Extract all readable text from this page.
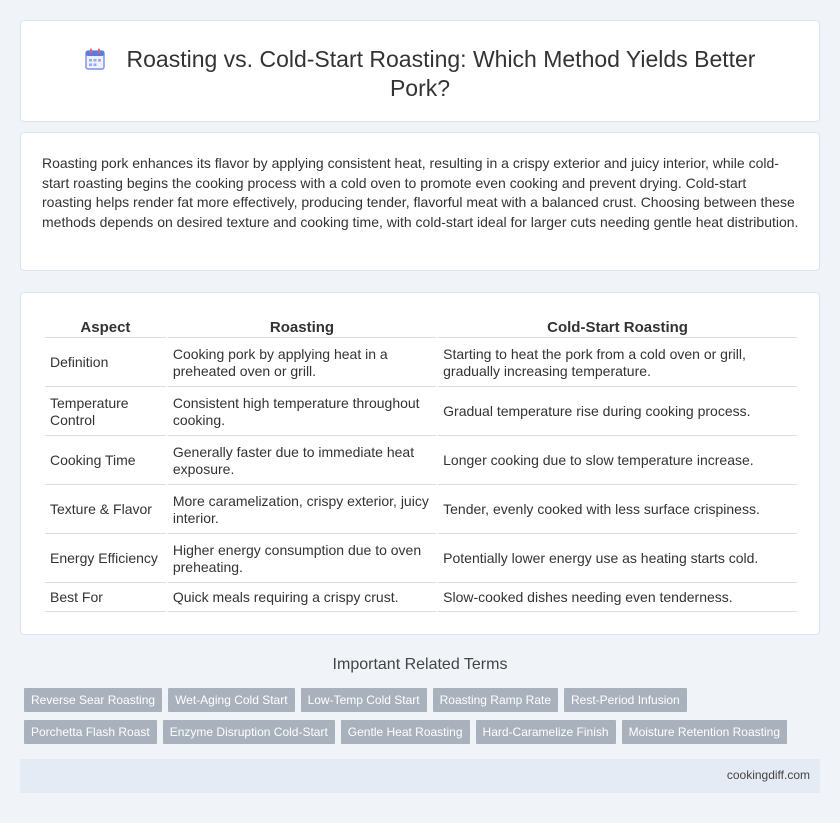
Roasting vs. Cold-Start Roasting: Which Method Yields Better Pork?

Roasting pork enhances its flavor by applying consistent heat, resulting in a crispy exterior and juicy interior, while cold-start roasting begins the cooking process with a cold oven to promote even cooking and prevent drying. Cold-start roasting helps render fat more effectively, producing tender, flavorful meat with a balanced crust. Choosing between these methods depends on desired texture and cooking time, with cold-start ideal for larger cuts needing gentle heat distribution.

Aspect	Roasting	Cold-Start Roasting
Definition	Cooking pork by applying heat in a preheated oven or grill.	Starting to heat the pork from a cold oven or grill, gradually increasing temperature.
Temperature Control	Consistent high temperature throughout cooking.	Gradual temperature rise during cooking process.
Cooking Time	Generally faster due to immediate heat exposure.	Longer cooking due to slow temperature increase.
Texture & Flavor	More caramelization, crispy exterior, juicy interior.	Tender, evenly cooked with less surface crispiness.
Energy Efficiency	Higher energy consumption due to oven preheating.	Potentially lower energy use as heating starts cold.
Best For	Quick meals requiring a crispy crust.	Slow-cooked dishes needing even tenderness.
Important Related Terms
Reverse Sear Roasting Wet-Aging Cold Start Low-Temp Cold Start Roasting Ramp Rate Rest-Period Infusion
Porchetta Flash Roast Enzyme Disruption Cold-Start Gentle Heat Roasting Hard-Caramelize Finish Moisture Retention Roasting
cookingdiff.com
